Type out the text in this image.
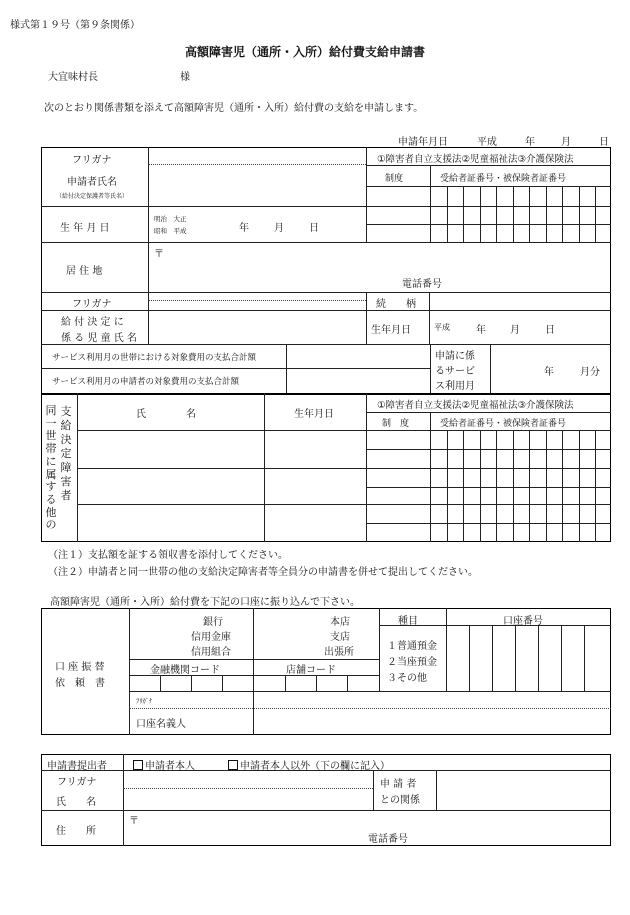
様式第１９号（第９条関係）
高額障害児（通所・入所）給付費支給申請書
大宜味村長	様
次のとおり関係書類を添えて高額障害児（通所・入所）給付費の支給を申請します。
申請年月日	平成	年	月	日
フリガナ
申請者氏名
（給付決定保護者等氏名）
①障害者自立支援法②児童福祉法③介護保険法
制度	受給者証番号・被保険者証番号
生 年 月 日
明治　大正
昭和　平成	年	月	日
居 住 地
〒
電話番号
フリガナ
給 付 決 定 に
係 る 児 童 氏 名
続　　柄
生年月日	平成	年 月	日
サービス利用月の世帯における対象費用の支払合計額
サービス利用月の申請者の対象費用の支払合計額
申請に係
るサービ
ス利用月
年	月分
同一世帯に属する他の
支給決定障害者
氏　　　　名	生年月日
①障害者自立支援法②児童福祉法③介護保険法
制　度	受給者証番号・被保険者証番号
（注１）支払額を証する領収書を添付してください。
（注２）申請者と同一世帯の他の支給決定障害者等全員分の申請書を併せて提出してください。
高額障害児（通所・入所）給付費を下記の口座に振り込んで下さい。
口 座 振 替
依　頼　書
銀行
信用金庫
信用組合
本店
支店
出張所
金融機関コード	店舗コード
種目
１普通預金
２当座預金
３その他
口座番号
ﾌﾘｶﾞﾅ
口座名義人
申請書提出者	申請者本人	申請者本人以外（下の欄に記入）
フリガナ
氏　　名
申 請 者
との関係
住　　所
〒
電話番号
